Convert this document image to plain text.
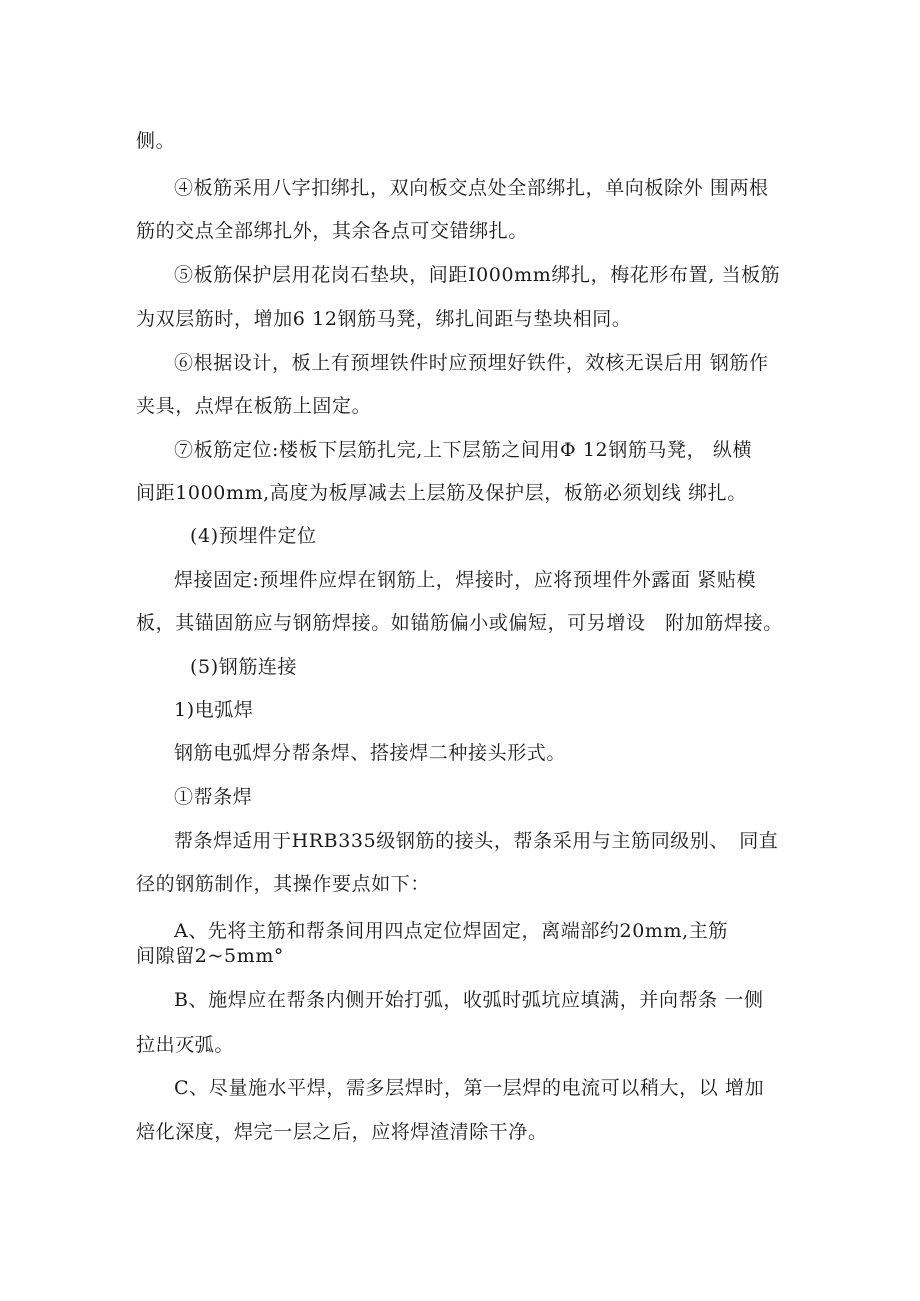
侧。
④板筋采用八字扣绑扎，双向板交点处全部绑扎，单向板除外 围两根
筋的交点全部绑扎外，其余各点可交错绑扎。
⑤板筋保护层用花岗石垫块，间距I000mm绑扎，梅花形布置, 当板筋
为双层筋时，增加6 12钢筋马凳，绑扎间距与垫块相同。
⑥根据设计，板上有预埋铁件时应预埋好铁件，效核无误后用 钢筋作
夹具，点焊在板筋上固定。
⑦板筋定位:楼板下层筋扎完,上下层筋之间用Φ 12钢筋马凳， 纵横
间距1000mm,高度为板厚减去上层筋及保护层，板筋必须划线 绑扎。
(4)预埋件定位
焊接固定:预埋件应焊在钢筋上，焊接时，应将预埋件外露面 紧贴模
板，其锚固筋应与钢筋焊接。如锚筋偏小或偏短，可另增设　附加筋焊接。
(5)钢筋连接
1)电弧焊
钢筋电弧焊分帮条焊、搭接焊二种接头形式。
①帮条焊
帮条焊适用于HRB335级钢筋的接头，帮条采用与主筋同级别、　同直
径的钢筋制作，其操作要点如下：
A、先将主筋和帮条间用四点定位焊固定，离端部约20mm,主筋
间隙留2~5mm°
B、施焊应在帮条内侧开始打弧，收弧时弧坑应填满，并向帮条 一侧
拉出灭弧。
C、尽量施水平焊，需多层焊时，第一层焊的电流可以稍大，以 增加
焙化深度，焊完一层之后，应将焊渣清除干净。
